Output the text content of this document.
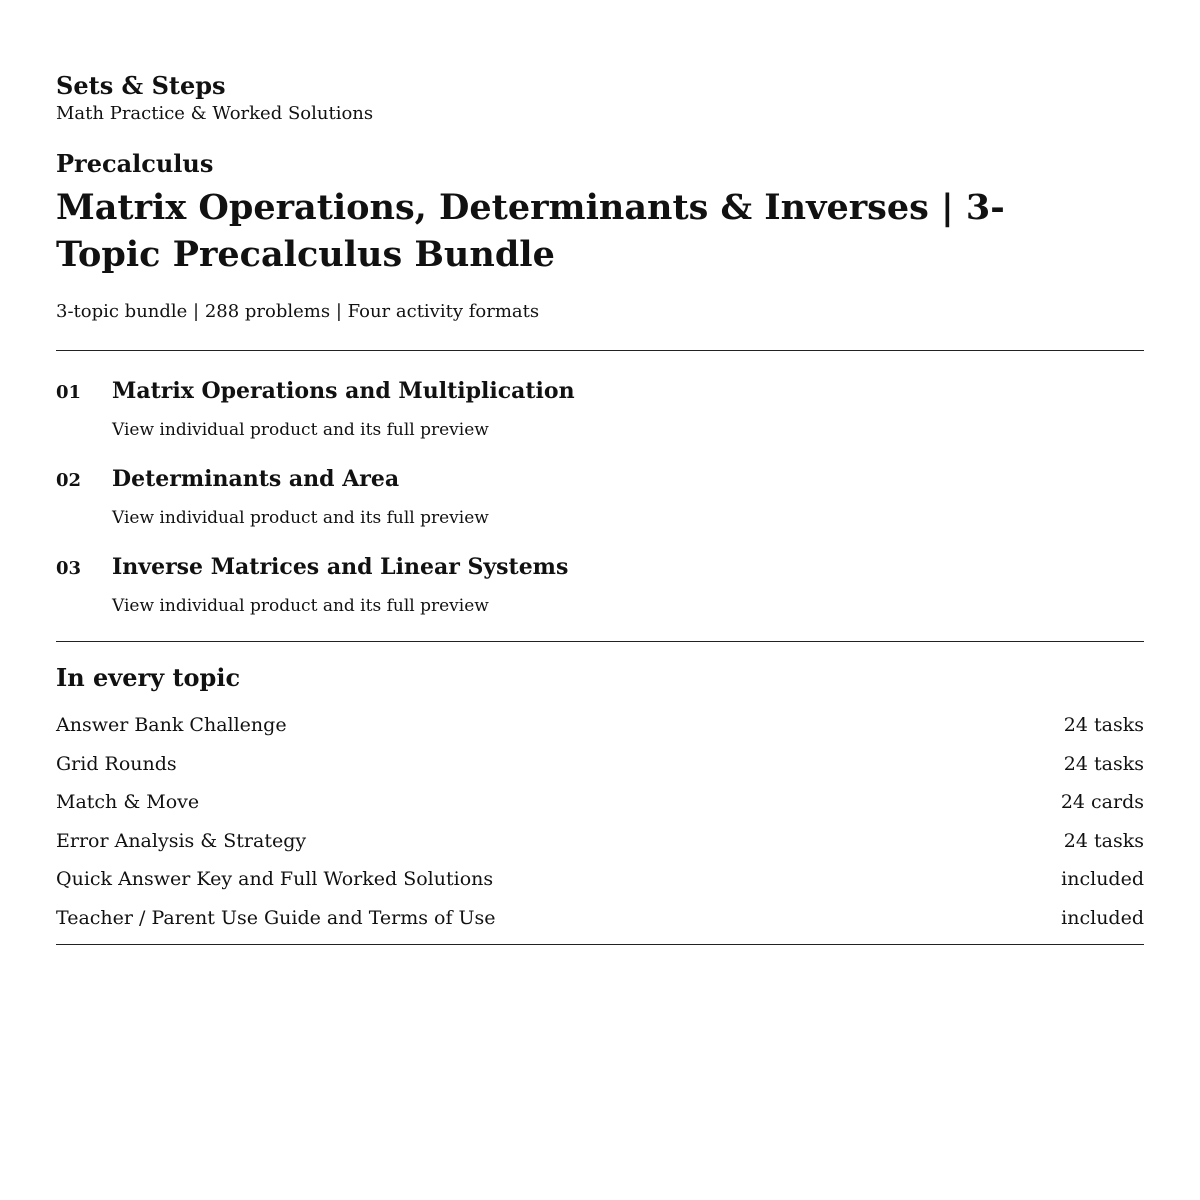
Sets & Steps

Math Practice & Worked Solutions

Precalculus

Matrix Operations, Determinants & Inverses | 3-Topic Precalculus Bundle

3-topic bundle | 288 problems | Four activity formats

01	Matrix Operations and Multiplication
View individual product and its full preview
02	Determinants and Area
View individual product and its full preview
03	Inverse Matrices and Linear Systems
View individual product and its full preview
In every topic
Answer Bank Challenge	24 tasks
Grid Rounds	24 tasks
Match & Move	24 cards
Error Analysis & Strategy	24 tasks
Quick Answer Key and Full Worked Solutions	included
Teacher / Parent Use Guide and Terms of Use	included
